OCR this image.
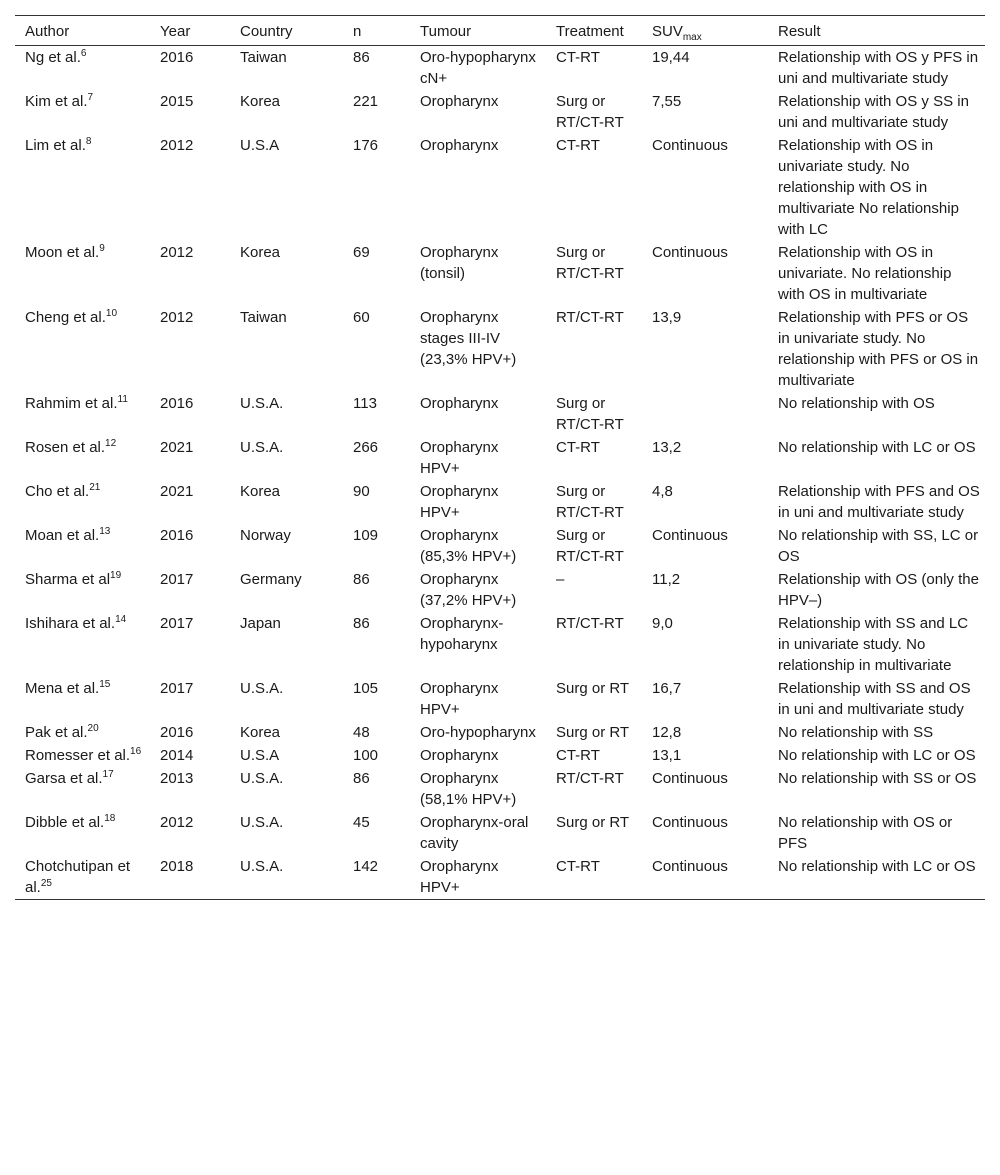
Author	Year	Country	n	Tumour	Treatment	$SUV_{max}$	Result
Ng et al.$^6$	2016	Taiwan	86	Oro-hypopharynx cN+	CT-RT	19,44	Relationship with OS y PFS in uni and multivariate study
Kim et al.$^7$	2015	Korea	221	Oropharynx	Surg or RT/CT-RT	7,55	Relationship with OS y SS in uni and multivariate study
Lim et al.$^8$	2012	U.S.A	176	Oropharynx	CT-RT	Continuous	Relationship with OS in univariate study. No relationship with OS in multivariate No relationship with LC
Moon et al.$^9$	2012	Korea	69	Oropharynx (tonsil)	Surg or RT/CT-RT	Continuous	Relationship with OS in univariate. No relationship with OS in multivariate
Cheng et al.$^{10}$	2012	Taiwan	60	Oropharynx stages III-IV (23,3% HPV+)	RT/CT-RT	13,9	Relationship with PFS or OS in univariate study. No relationship with PFS or OS in multivariate
Rahmim et al.$^{11}$	2016	U.S.A.	113	Oropharynx	Surg or RT/CT-RT		No relationship with OS
Rosen et al.$^{12}$	2021	U.S.A.	266	Oropharynx HPV+	CT-RT	13,2	No relationship with LC or OS
Cho et al.$^{21}$	2021	Korea	90	Oropharynx HPV+	Surg or RT/CT-RT	4,8	Relationship with PFS and OS in uni and multivariate study
Moan et al.$^{13}$	2016	Norway	109	Oropharynx (85,3% HPV+)	Surg or RT/CT-RT	Continuous	No relationship with SS, LC or OS
Sharma et $al^{19}$	2017	Germany	86	Oropharynx (37,2% HPV+)	–	11,2	Relationship with OS (only the HPV–)
Ishihara et al.$^{14}$	2017	Japan	86	Oropharynx-hypoharynx	RT/CT-RT	9,0	Relationship with SS and LC in univariate study. No relationship in multivariate
Mena et al.$^{15}$	2017	U.S.A.	105	Oropharynx HPV+	Surg or RT	16,7	Relationship with SS and OS in uni and multivariate study
Pak et al.$^{20}$	2016	Korea	48	Oro-hypopharynx	Surg or RT	12,8	No relationship with SS
Romesser et al.$^{16}$	2014	U.S.A	100	Oropharynx	CT-RT	13,1	No relationship with LC or OS
Garsa et al.$^{17}$	2013	U.S.A.	86	Oropharynx (58,1% HPV+)	RT/CT-RT	Continuous	No relationship with SS or OS
Dibble et al.$^{18}$	2012	U.S.A.	45	Oropharynx-oral cavity	Surg or RT	Continuous	No relationship with OS or PFS
Chotchutipan et al.$^{25}$	2018	U.S.A.	142	Oropharynx HPV+	CT-RT	Continuous	No relationship with LC or OS
